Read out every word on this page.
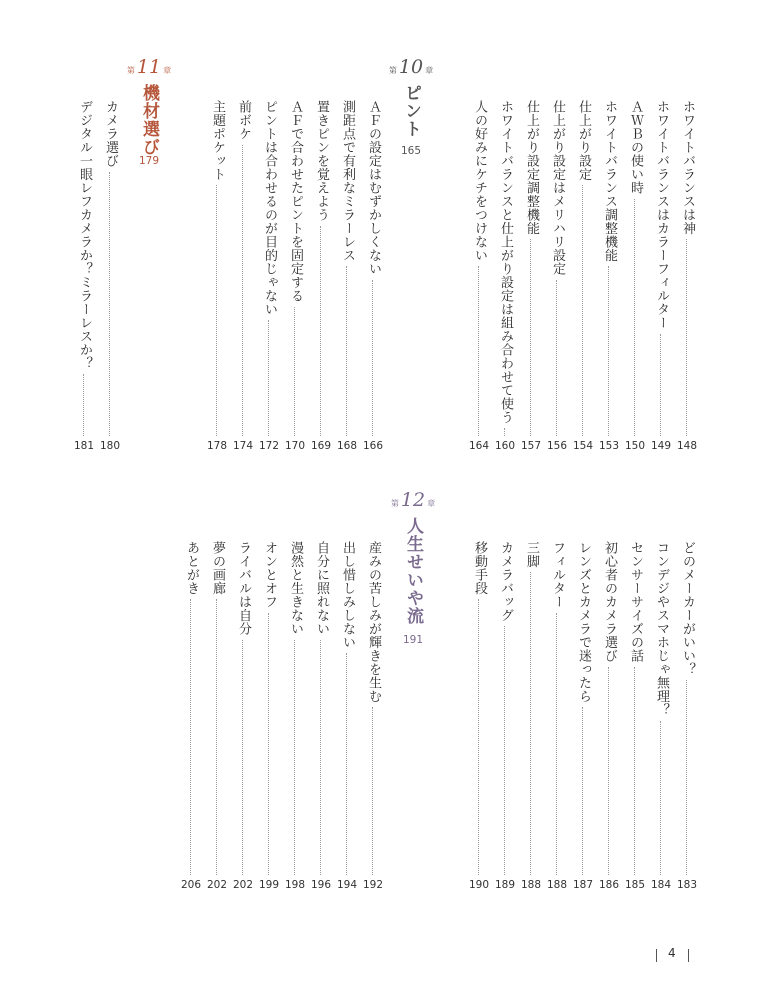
ホワイトバランスは神
148
ホワイトバランスはカラーフィルター
149
ＡＷＢの使い時
150
ホワイトバランス調整機能
153
仕上がり設定
154
仕上がり設定はメリハリ設定
156
仕上がり設定調整機能
157
ホワイトバランスと仕上がり設定は組み合わせて使う
160
人の好みにケチをつけない
164
第 10 章
ピント
165
ＡＦの設定はむずかしくない
166
測距点で有利なミラーレス
168
置きピンを覚えよう
169
ＡＦで合わせたピントを固定する
170
ピントは合わせるのが目的じゃない
172
前ボケ
174
主題ポケット
178
第 11 章
機材選び
179
カメラ選び
180
デジタル一眼レフカメラか？ミラーレスか？
181
どのメーカーがいい？
183
コンデジやスマホじゃ無理？
184
センサーサイズの話
185
初心者のカメラ選び
186
レンズとカメラで迷ったら
187
フィルター
188
三脚
188
カメラバッグ
189
移動手段
190
第 12 章
人生せいや流
191
産みの苦しみが輝きを生む
192
出し惜しみしない
194
自分に照れない
196
漫然と生きない
198
オンとオフ
199
ライバルは自分
202
夢の画廊
202
あとがき
206
4
